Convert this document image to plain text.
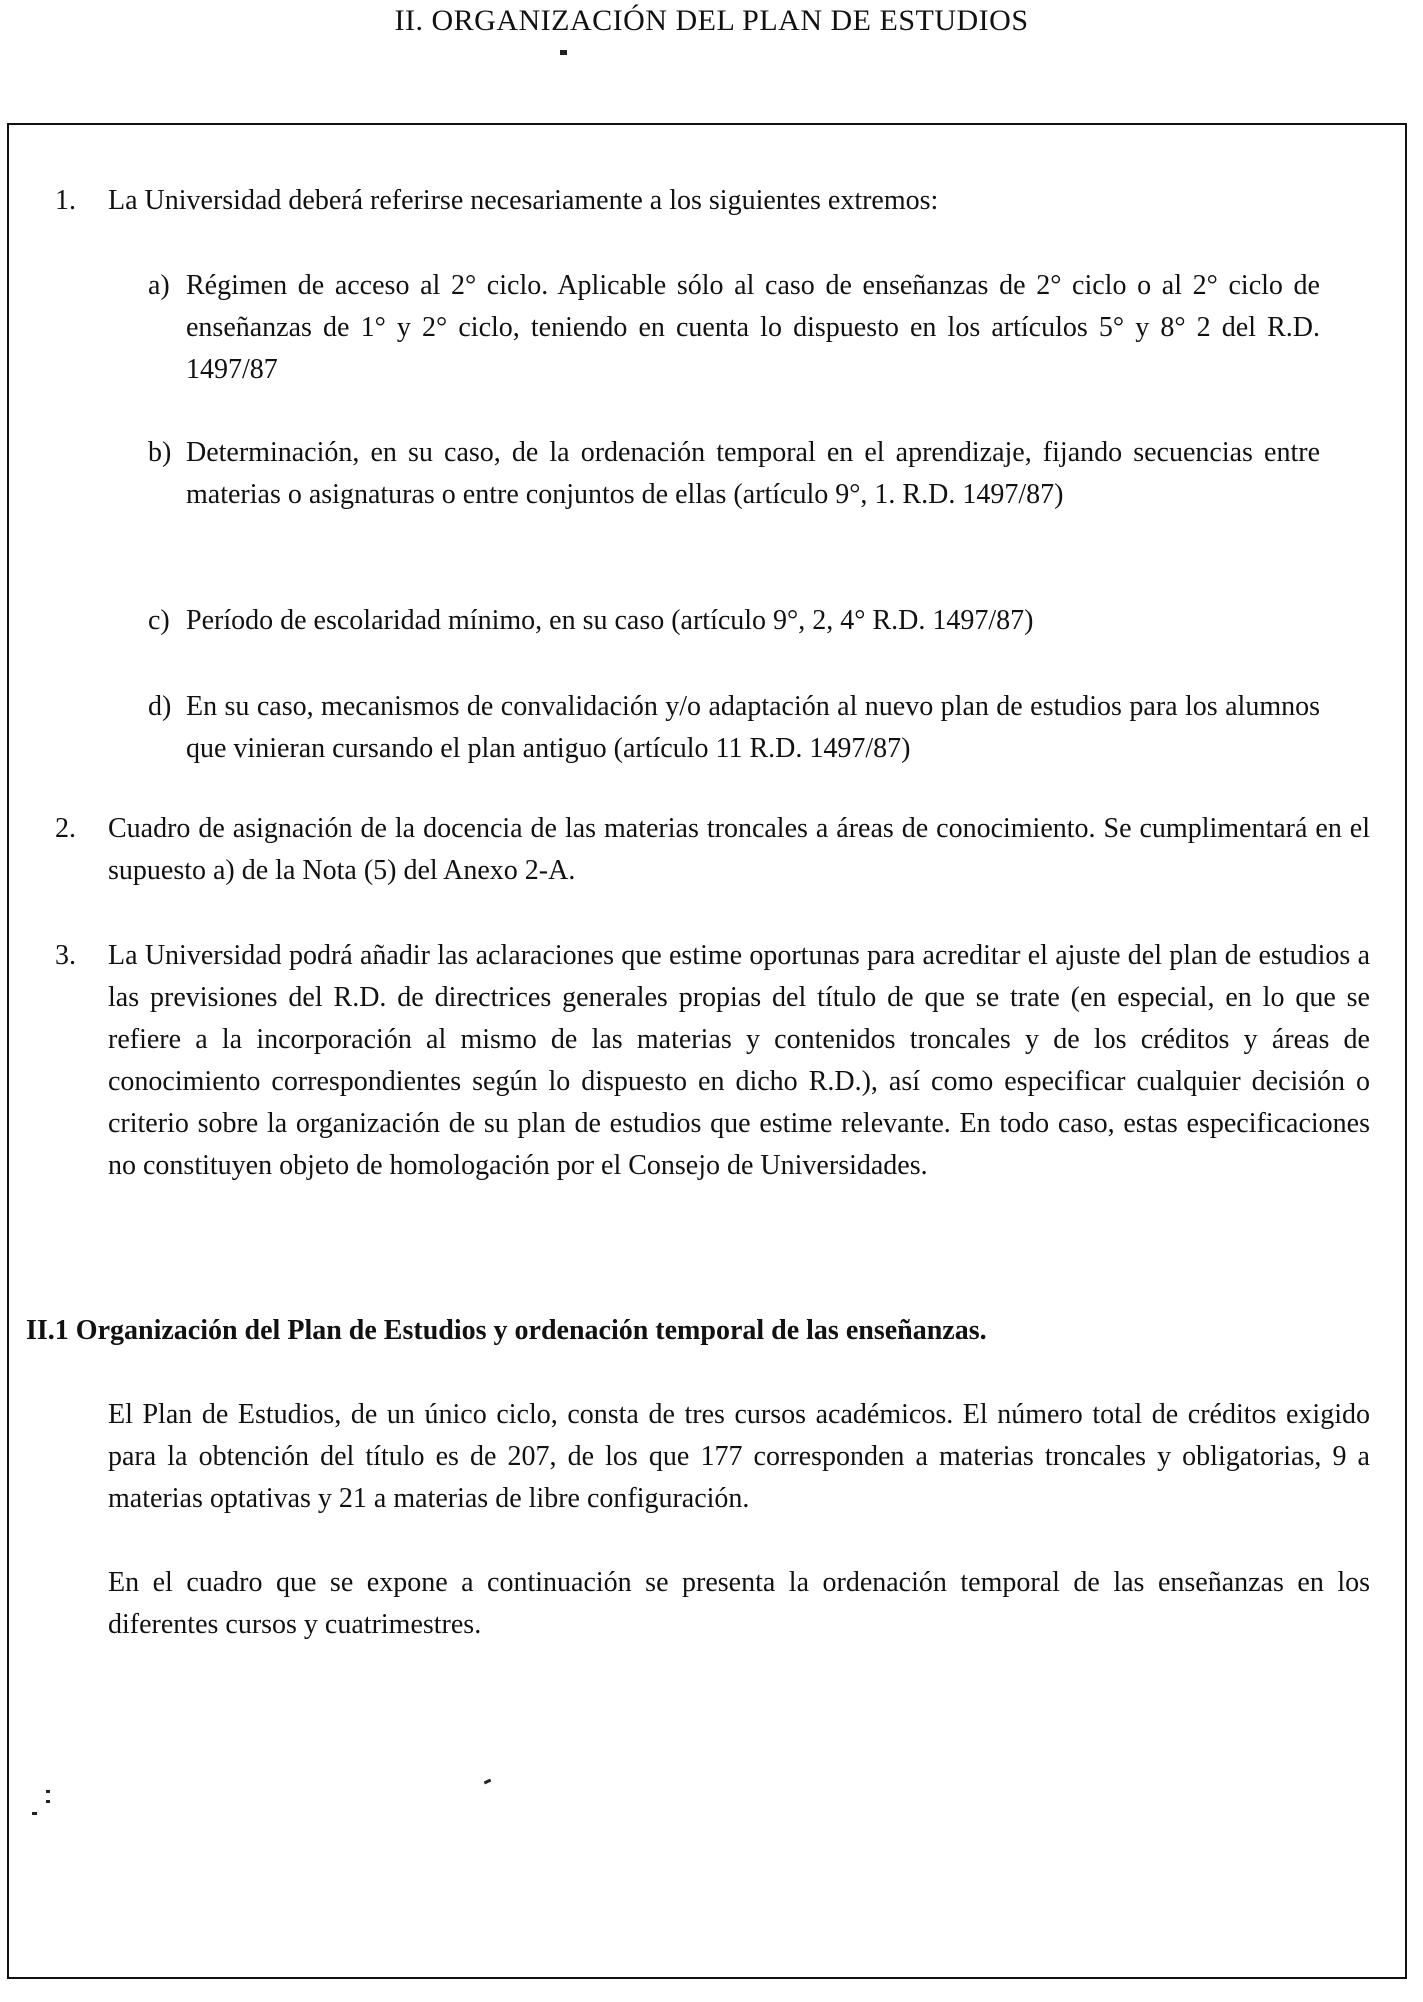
II. ORGANIZACIÓN DEL PLAN DE ESTUDIOS
1. La Universidad deberá referirse necesariamente a los siguientes extremos:

a) Régimen de acceso al 2° ciclo. Aplicable sólo al caso de enseñanzas de 2° ciclo o al 2° ciclo de enseñanzas de 1° y 2° ciclo, teniendo en cuenta lo dispuesto en los artículos 5° y 8° 2 del R.D. 1497/87

b) Determinación, en su caso, de la ordenación temporal en el aprendizaje, fijando secuencias entre materias o asignaturas o entre conjuntos de ellas (artículo 9°, 1. R.D. 1497/87)

c) Período de escolaridad mínimo, en su caso (artículo 9°, 2, 4° R.D. 1497/87)

d) En su caso, mecanismos de convalidación y/o adaptación al nuevo plan de estudios para los alumnos que vinieran cursando el plan antiguo (artículo 11 R.D. 1497/87)

2. Cuadro de asignación de la docencia de las materias troncales a áreas de conocimiento. Se cumplimentará en el supuesto a) de la Nota (5) del Anexo 2-A.

3. La Universidad podrá añadir las aclaraciones que estime oportunas para acreditar el ajuste del plan de estudios a las previsiones del R.D. de directrices generales propias del título de que se trate (en especial, en lo que se refiere a la incorporación al mismo de las materias y contenidos troncales y de los créditos y áreas de conocimiento correspondientes según lo dispuesto en dicho R.D.), así como especificar cualquier decisión o criterio sobre la organización de su plan de estudios que estime relevante. En todo caso, estas especificaciones no constituyen objeto de homologación por el Consejo de Universidades.

II.1 Organización del Plan de Estudios y ordenación temporal de las enseñanzas.

El Plan de Estudios, de un único ciclo, consta de tres cursos académicos. El número total de créditos exigido para la obtención del título es de 207, de los que 177 corresponden a materias troncales y obligatorias, 9 a materias optativas y 21 a materias de libre configuración.

En el cuadro que se expone a continuación se presenta la ordenación temporal de las enseñanzas en los diferentes cursos y cuatrimestres.
